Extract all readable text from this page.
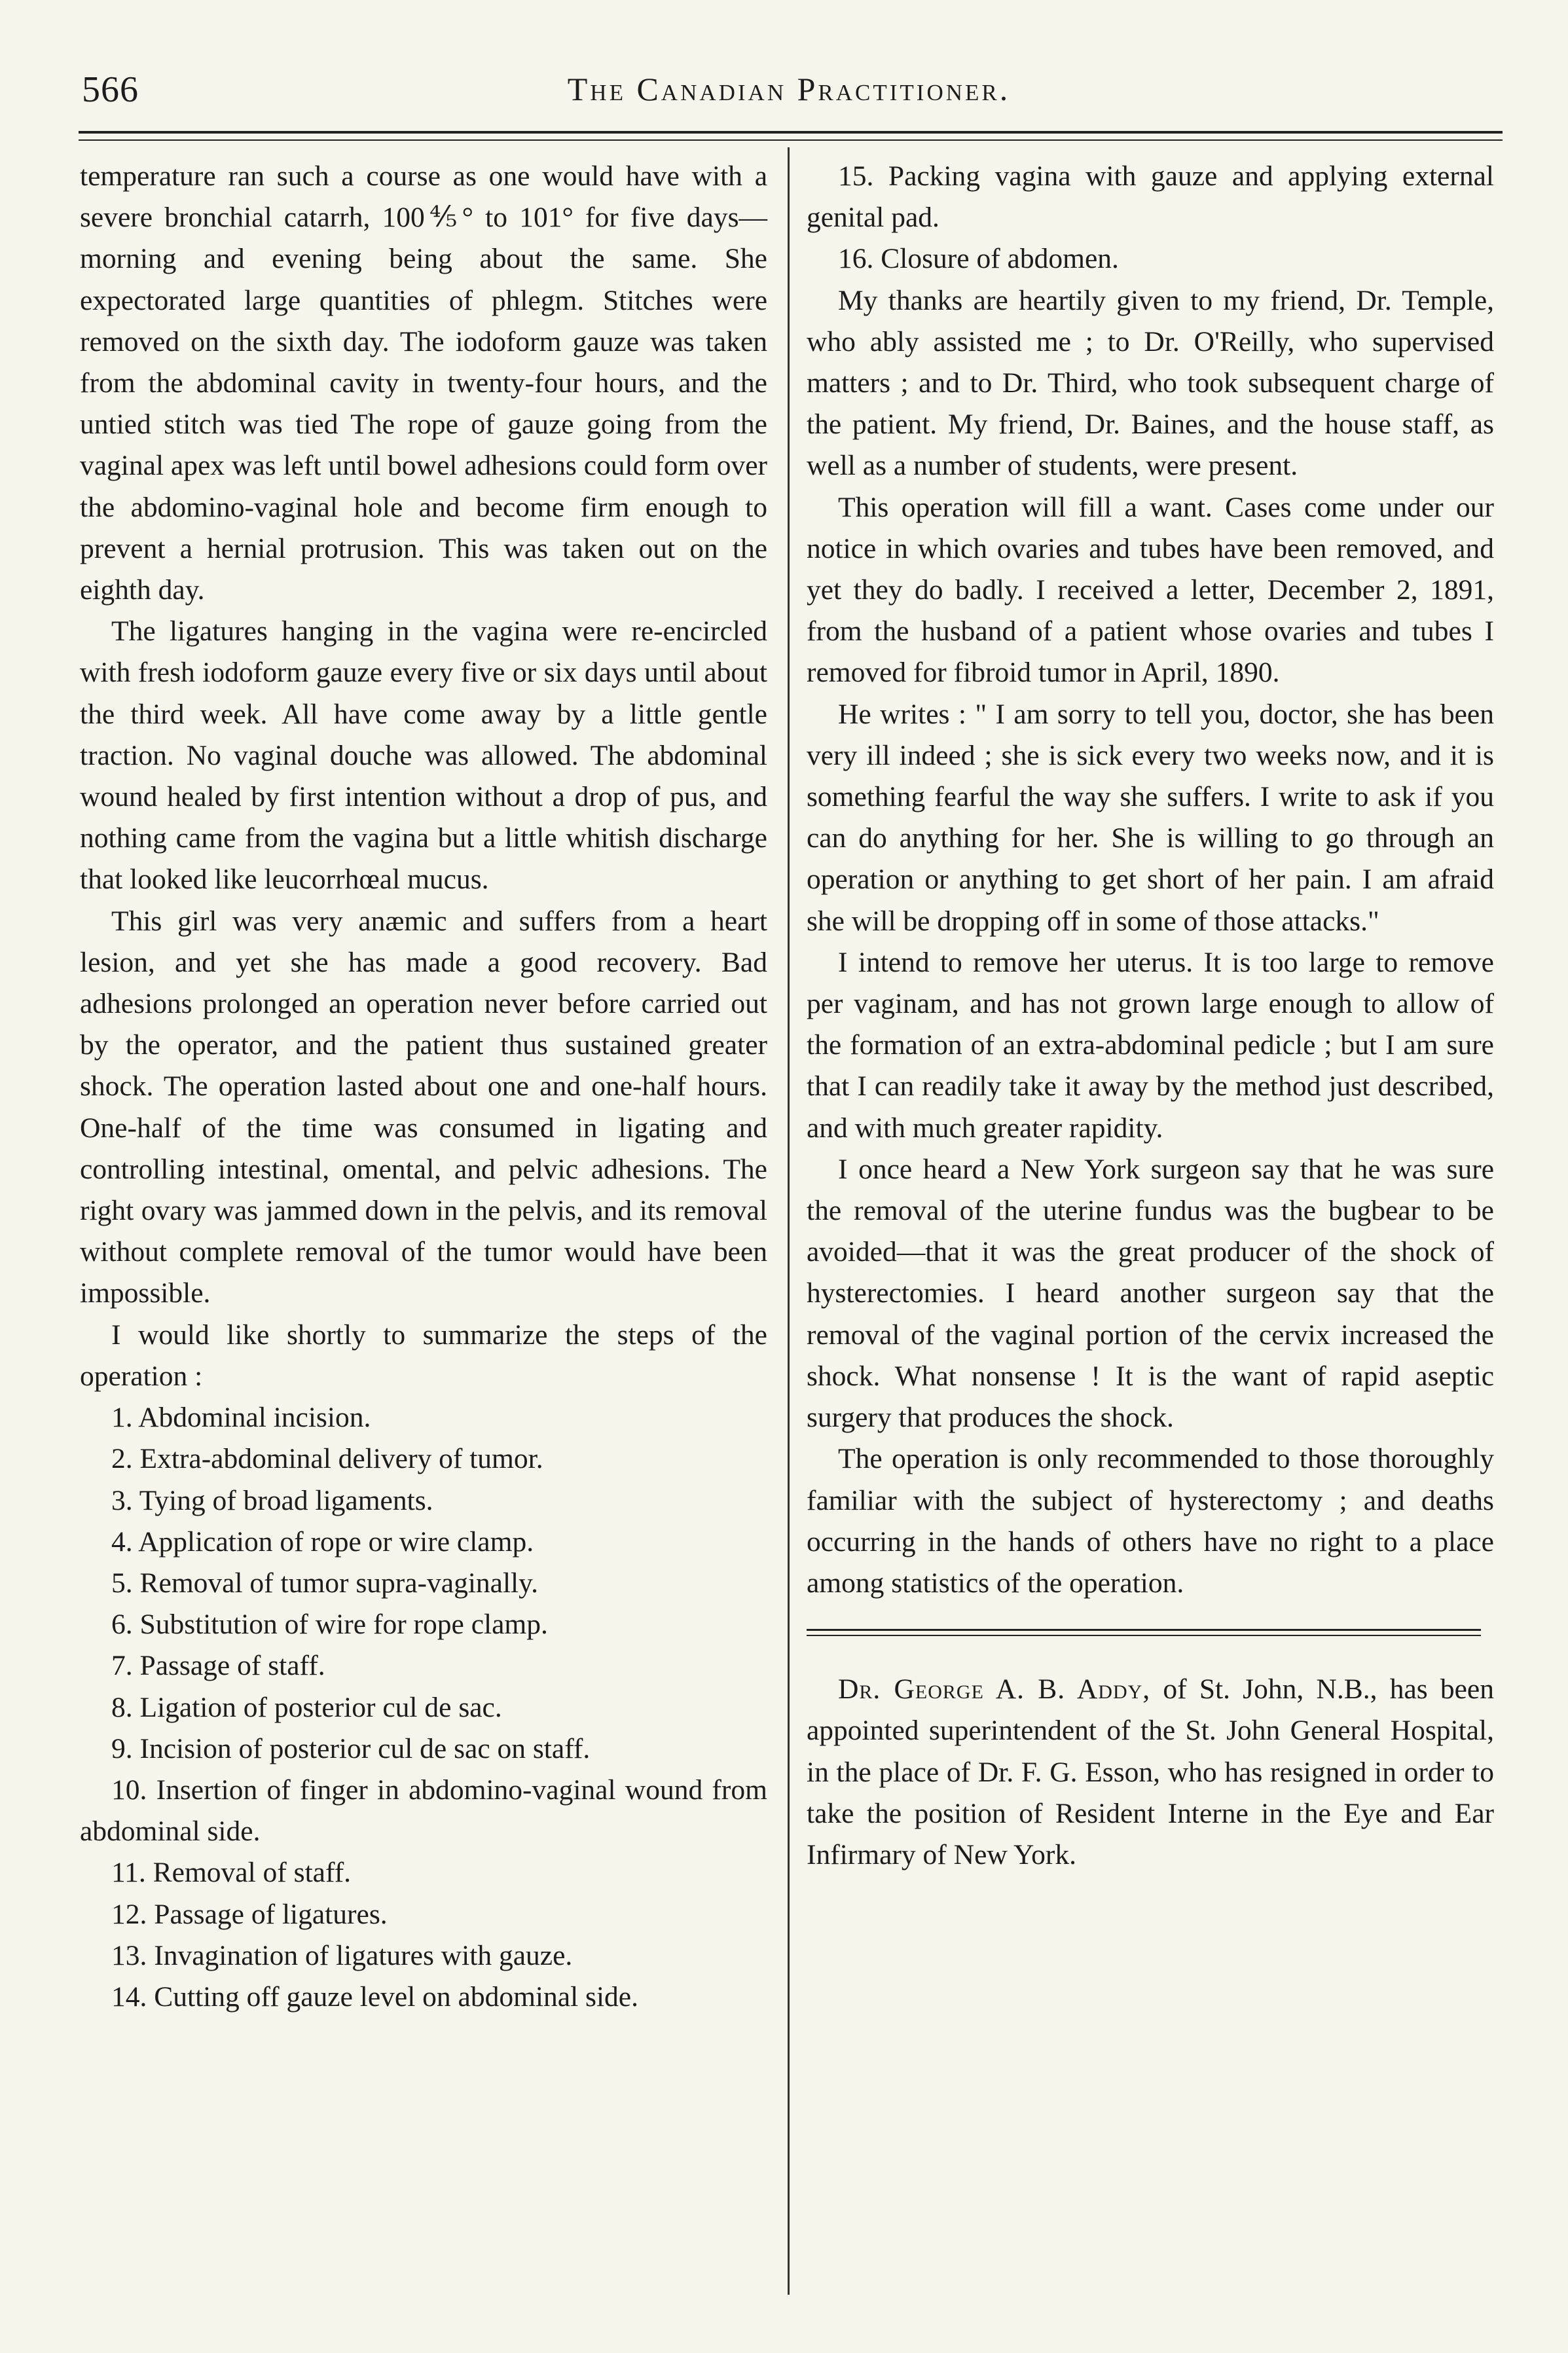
566	The Canadian Practitioner.

temperature ran such a course as one would have with a severe bronchial catarrh, 100⅘° to 101° for five days—morning and evening being about the same. She expectorated large quantities of phlegm. Stitches were removed on the sixth day. The iodoform gauze was taken from the abdominal cavity in twenty-four hours, and the untied stitch was tied The rope of gauze going from the vaginal apex was left until bowel adhesions could form over the abdomino-vaginal hole and become firm enough to prevent a hernial protrusion. This was taken out on the eighth day.

The ligatures hanging in the vagina were re-encircled with fresh iodoform gauze every five or six days until about the third week. All have come away by a little gentle traction. No vaginal douche was allowed. The abdominal wound healed by first intention without a drop of pus, and nothing came from the vagina but a little whitish discharge that looked like leucorrhœal mucus.

This girl was very anæmic and suffers from a heart lesion, and yet she has made a good recovery. Bad adhesions prolonged an operation never before carried out by the operator, and the patient thus sustained greater shock. The operation lasted about one and one-half hours. One-half of the time was consumed in ligating and controlling intestinal, omental, and pelvic adhesions. The right ovary was jammed down in the pelvis, and its removal without complete removal of the tumor would have been impossible.

I would like shortly to summarize the steps of the operation :

1. Abdominal incision.

2. Extra-abdominal delivery of tumor.

3. Tying of broad ligaments.

4. Application of rope or wire clamp.

5. Removal of tumor supra-vaginally.

6. Substitution of wire for rope clamp.

7. Passage of staff.

8. Ligation of posterior cul de sac.

9. Incision of posterior cul de sac on staff.

10. Insertion of finger in abdomino-vaginal wound from abdominal side.

11. Removal of staff.

12. Passage of ligatures.

13. Invagination of ligatures with gauze.

14. Cutting off gauze level on abdominal side.

15. Packing vagina with gauze and applying external genital pad.

16. Closure of abdomen.

My thanks are heartily given to my friend, Dr. Temple, who ably assisted me ; to Dr. O'Reilly, who supervised matters ; and to Dr. Third, who took subsequent charge of the patient. My friend, Dr. Baines, and the house staff, as well as a number of students, were present.

This operation will fill a want. Cases come under our notice in which ovaries and tubes have been removed, and yet they do badly. I received a letter, December 2, 1891, from the husband of a patient whose ovaries and tubes I removed for fibroid tumor in April, 1890.

He writes : " I am sorry to tell you, doctor, she has been very ill indeed ; she is sick every two weeks now, and it is something fearful the way she suffers. I write to ask if you can do anything for her. She is willing to go through an operation or anything to get short of her pain. I am afraid she will be dropping off in some of those attacks."

I intend to remove her uterus. It is too large to remove per vaginam, and has not grown large enough to allow of the formation of an extra-abdominal pedicle ; but I am sure that I can readily take it away by the method just described, and with much greater rapidity.

I once heard a New York surgeon say that he was sure the removal of the uterine fundus was the bugbear to be avoided—that it was the great producer of the shock of hysterectomies. I heard another surgeon say that the removal of the vaginal portion of the cervix increased the shock. What nonsense ! It is the want of rapid aseptic surgery that produces the shock.

The operation is only recommended to those thoroughly familiar with the subject of hysterectomy ; and deaths occurring in the hands of others have no right to a place among statistics of the operation.

Dr. George A. B. Addy, of St. John, N.B., has been appointed superintendent of the St. John General Hospital, in the place of Dr. F. G. Esson, who has resigned in order to take the position of Resident Interne in the Eye and Ear Infirmary of New York.
